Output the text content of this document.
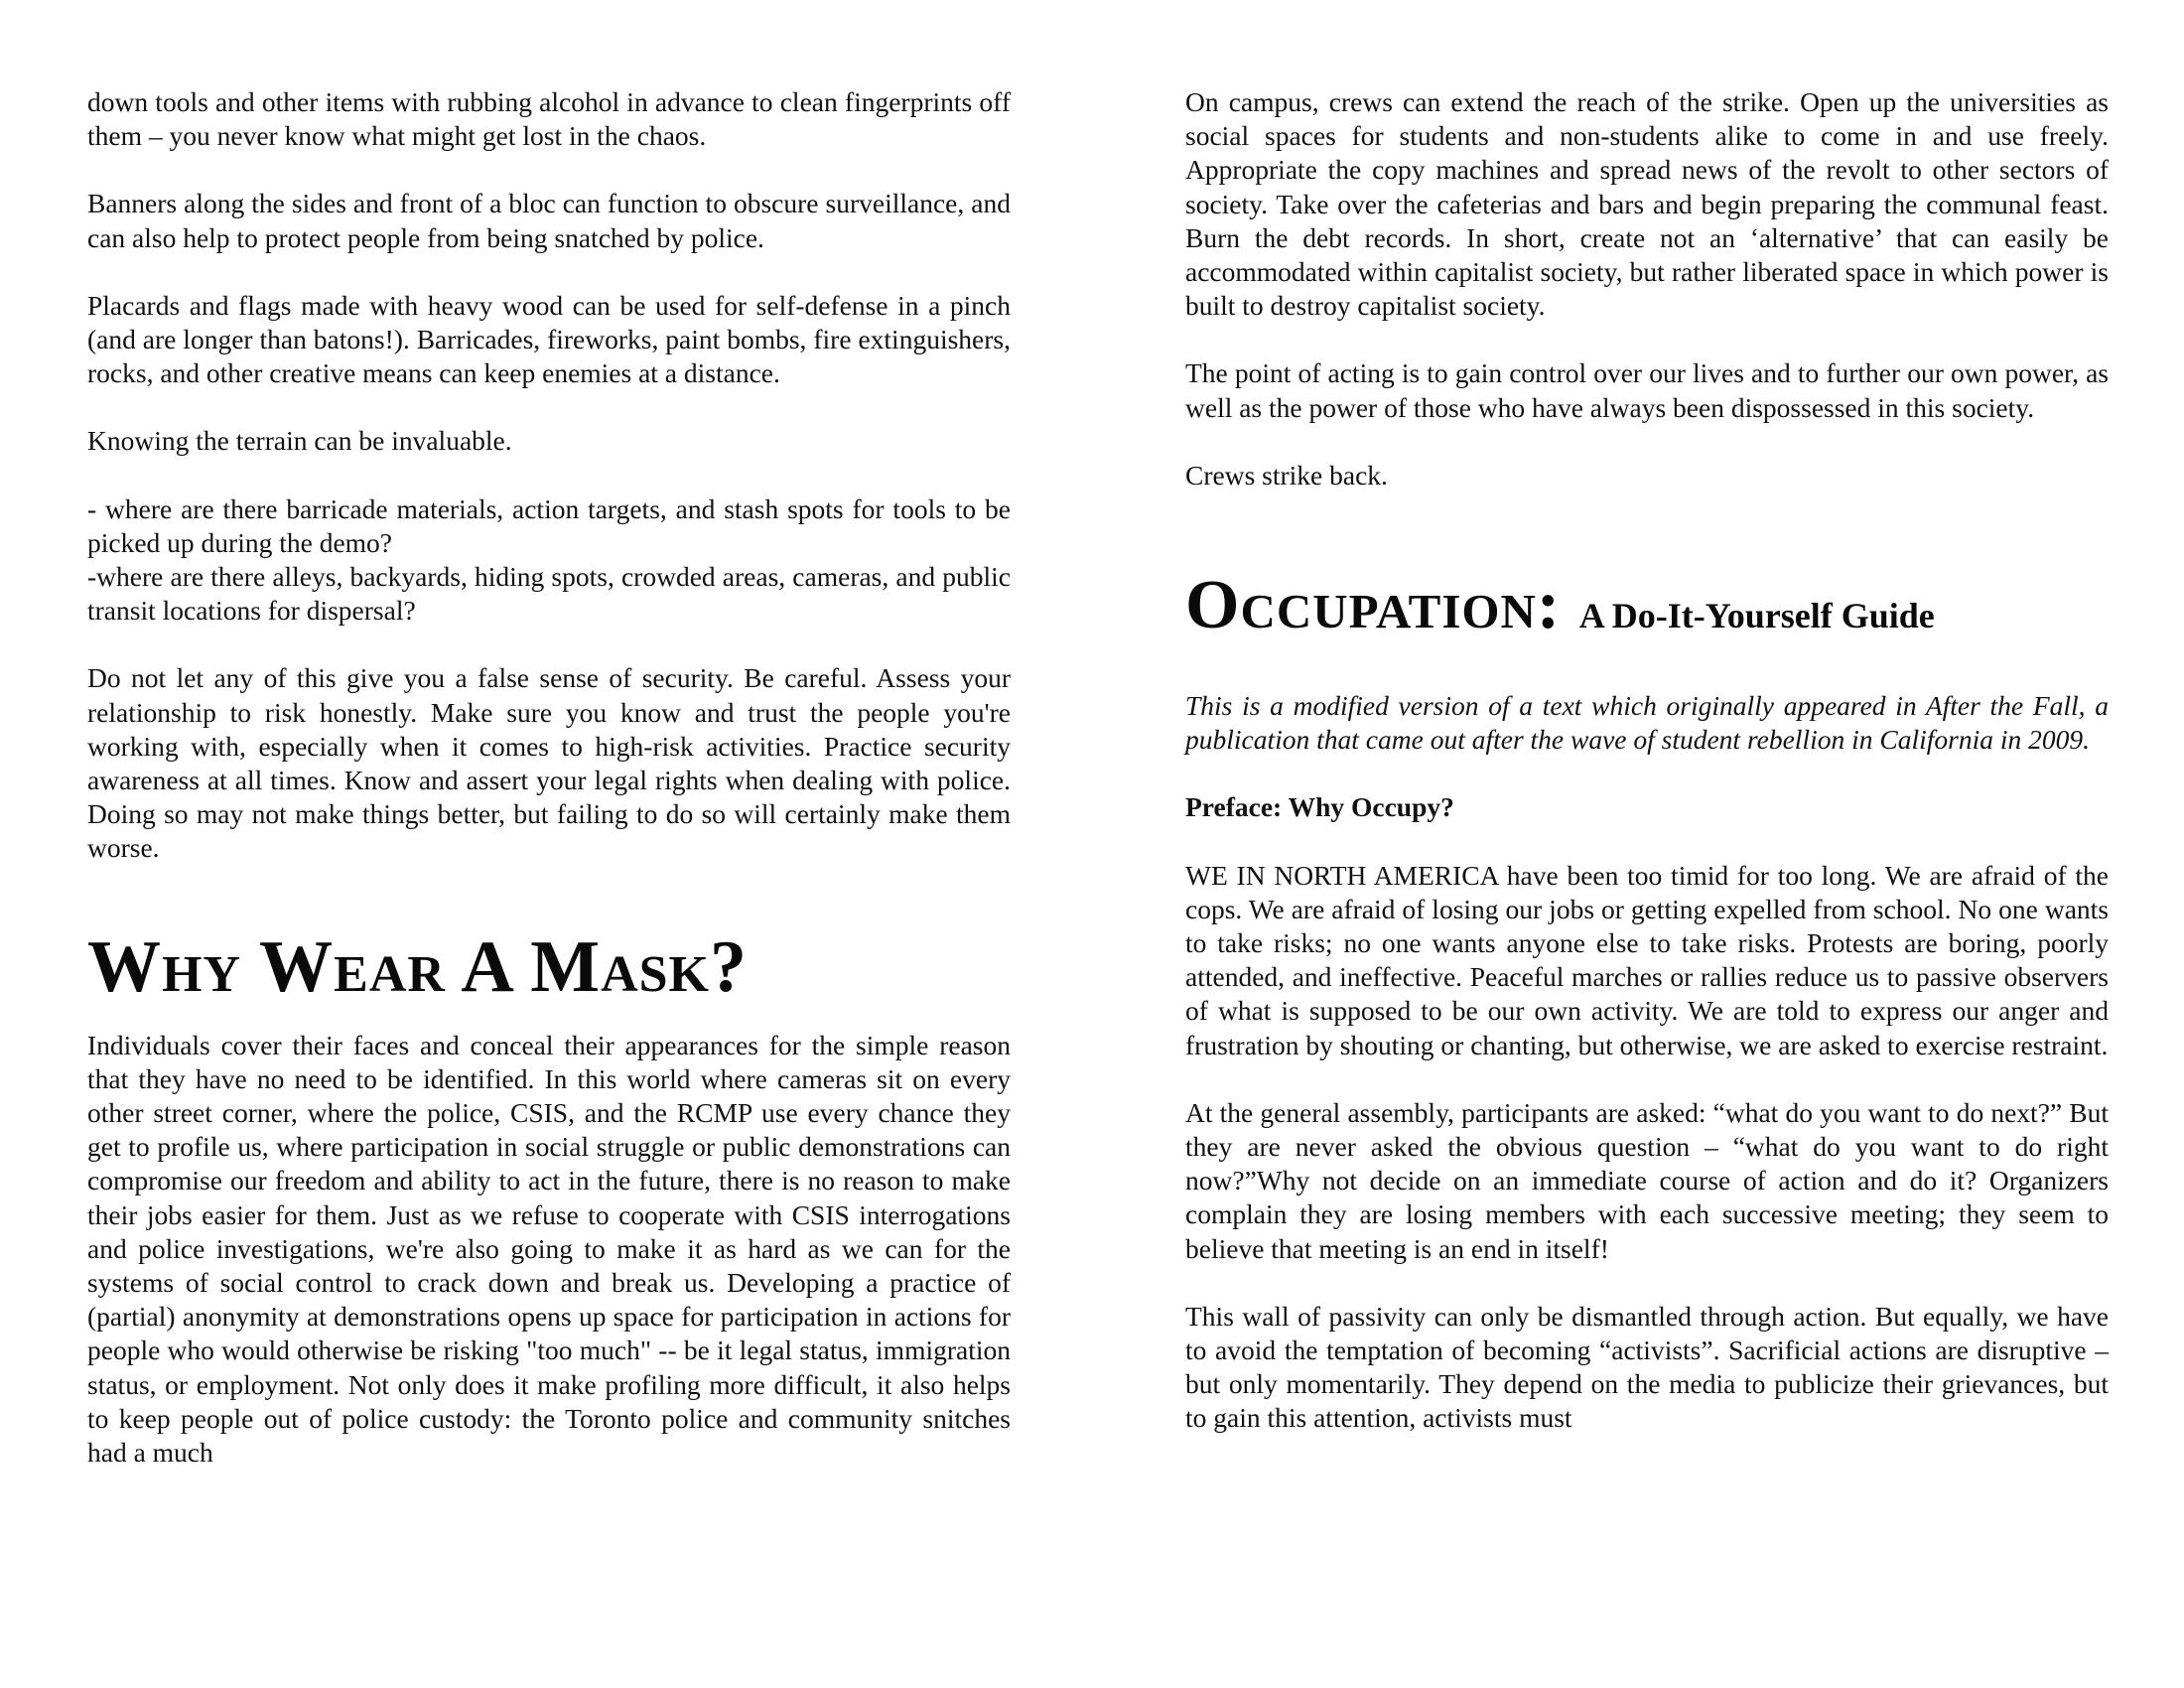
down tools and other items with rubbing alcohol in advance to clean fingerprints off them – you never know what might get lost in the chaos.

Banners along the sides and front of a bloc can function to obscure surveillance, and can also help to protect people from being snatched by police.

Placards and flags made with heavy wood can be used for self-defense in a pinch (and are longer than batons!). Barricades, fireworks, paint bombs, fire extinguishers, rocks, and other creative means can keep enemies at a distance.

Knowing the terrain can be invaluable.

- where are there barricade materials, action targets, and stash spots for tools to be picked up during the demo?

-where are there alleys, backyards, hiding spots, crowded areas, cameras, and public transit locations for dispersal?

Do not let any of this give you a false sense of security. Be careful. Assess your relationship to risk honestly. Make sure you know and trust the people you're working with, especially when it comes to high-risk activities. Practice security awareness at all times. Know and assert your legal rights when dealing with police. Doing so may not make things better, but failing to do so will certainly make them worse.

Why Wear A Mask?

Individuals cover their faces and conceal their appearances for the simple reason that they have no need to be identified. In this world where cameras sit on every other street corner, where the police, CSIS, and the RCMP use every chance they get to profile us, where participation in social struggle or public demonstrations can compromise our freedom and ability to act in the future, there is no reason to make their jobs easier for them. Just as we refuse to cooperate with CSIS interrogations and police investigations, we're also going to make it as hard as we can for the systems of social control to crack down and break us. Developing a practice of (partial) anonymity at demonstrations opens up space for participation in actions for people who would otherwise be risking "too much" -- be it legal status, immigration status, or employment. Not only does it make profiling more difficult, it also helps to keep people out of police custody: the Toronto police and community snitches had a much

On campus, crews can extend the reach of the strike. Open up the universities as social spaces for students and non-students alike to come in and use freely. Appropriate the copy machines and spread news of the revolt to other sectors of society. Take over the cafeterias and bars and begin preparing the communal feast. Burn the debt records. In short, create not an ‘alternative’ that can easily be accommodated within capitalist society, but rather liberated space in which power is built to destroy capitalist society.

The point of acting is to gain control over our lives and to further our own power, as well as the power of those who have always been dispossessed in this society.

Crews strike back.

Occupation: A Do-It-Yourself Guide

This is a modified version of a text which originally appeared in After the Fall, a publication that came out after the wave of student rebellion in California in 2009.

Preface: Why Occupy?

WE IN NORTH AMERICA have been too timid for too long. We are afraid of the cops. We are afraid of losing our jobs or getting expelled from school. No one wants to take risks; no one wants anyone else to take risks. Protests are boring, poorly attended, and ineffective. Peaceful marches or rallies reduce us to passive observers of what is supposed to be our own activity. We are told to express our anger and frustration by shouting or chanting, but otherwise, we are asked to exercise restraint.

At the general assembly, participants are asked: “what do you want to do next?” But they are never asked the obvious question – “what do you want to do right now?”Why not decide on an immediate course of action and do it? Organizers complain they are losing members with each successive meeting; they seem to believe that meeting is an end in itself!

This wall of passivity can only be dismantled through action. But equally, we have to avoid the temptation of becoming “activists”. Sacrificial actions are disruptive – but only momentarily. They depend on the media to publicize their grievances, but to gain this attention, activists must
